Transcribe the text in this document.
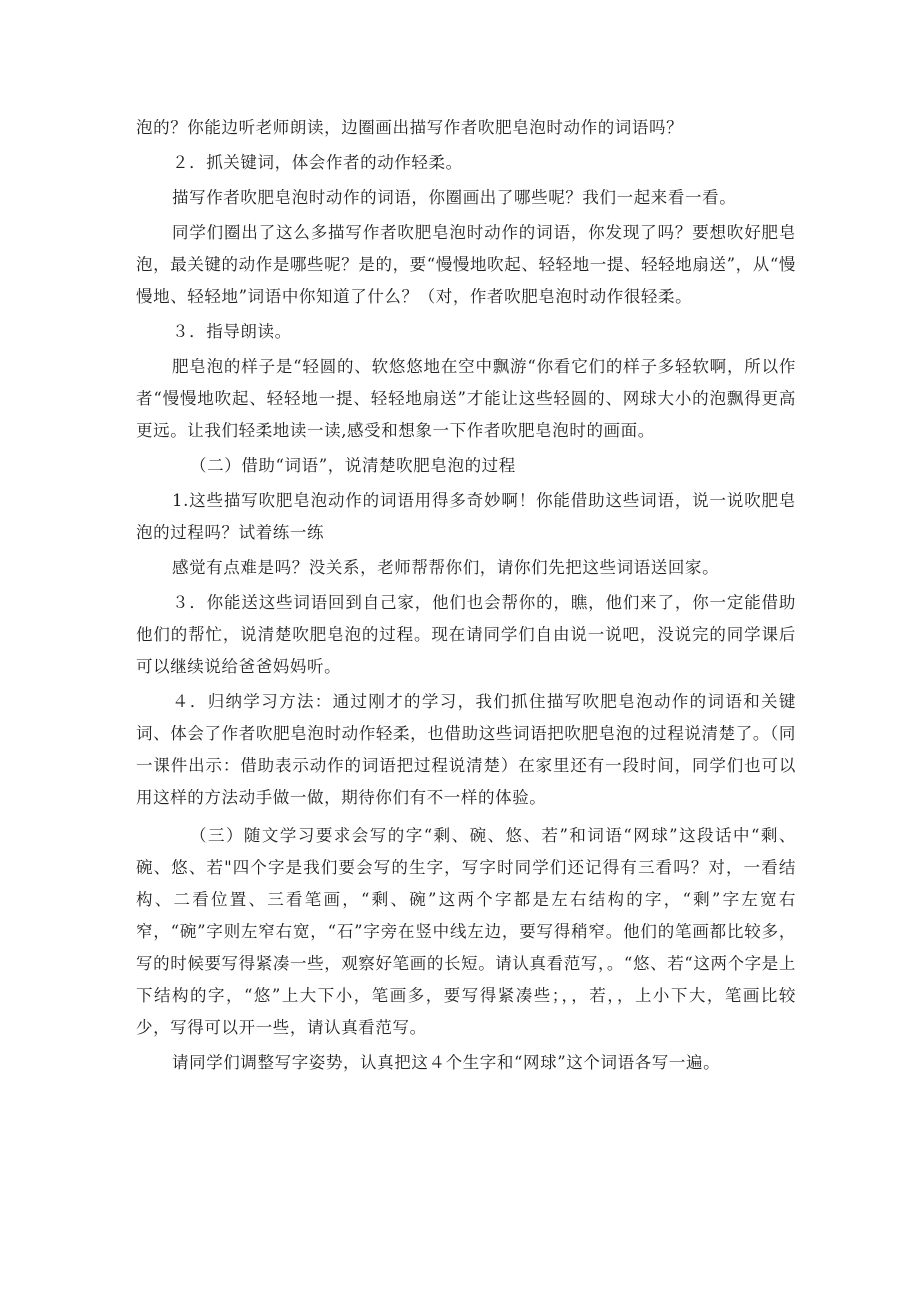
泡的？你能边听老师朗读，边圈画出描写作者吹肥皂泡时动作的词语吗？

２．抓关键词，体会作者的动作轻柔。

描写作者吹肥皂泡时动作的词语，你圈画出了哪些呢？我们一起来看一看。

同学们圈出了这么多描写作者吹肥皂泡时动作的词语，你发现了吗？要想吹好肥皂泡，最关键的动作是哪些呢？是的，要“慢慢地吹起、轻轻地一提、轻轻地扇送”，从“慢慢地、轻轻地”词语中你知道了什么？（对，作者吹肥皂泡时动作很轻柔。

３．指导朗读。

肥皂泡的样子是“轻圆的、软悠悠地在空中飘游“你看它们的样子多轻软啊，所以作者“慢慢地吹起、轻轻地一提、轻轻地扇送”才能让这些轻圆的、网球大小的泡飘得更高更远。让我们轻柔地读一读,感受和想象一下作者吹肥皂泡时的画面。

（二）借助“词语”，说清楚吹肥皂泡的过程

1.这些描写吹肥皂泡动作的词语用得多奇妙啊！你能借助这些词语，说一说吹肥皂泡的过程吗？试着练一练

感觉有点难是吗？没关系，老师帮帮你们，请你们先把这些词语送回家。

３．你能送这些词语回到自己家，他们也会帮你的，瞧，他们来了，你一定能借助他们的帮忙，说清楚吹肥皂泡的过程。现在请同学们自由说一说吧，没说完的同学课后可以继续说给爸爸妈妈听。

４．归纳学习方法：通过刚才的学习，我们抓住描写吹肥皂泡动作的词语和关键词、体会了作者吹肥皂泡时动作轻柔，也借助这些词语把吹肥皂泡的过程说清楚了。（同一课件出示：借助表示动作的词语把过程说清楚）在家里还有一段时间，同学们也可以用这样的方法动手做一做，期待你们有不一样的体验。

（三）随文学习要求会写的字“剩、碗、悠、若”和词语“网球”这段话中“剩、碗、悠、若"四个字是我们要会写的生字，写字时同学们还记得有三看吗？对，一看结构、二看位置、三看笔画，“剩、碗”这两个字都是左右结构的字，“剩”字左宽右窄，“碗”字则左窄右宽，“石”字旁在竖中线左边，要写得稍窄。他们的笔画都比较多，写的时候要写得紧凑一些，观察好笔画的长短。请认真看范写，。“悠、若“这两个字是上下结构的字，“悠”上大下小，笔画多，要写得紧凑些；，，若，，上小下大，笔画比较少，写得可以开一些，请认真看范写。

请同学们调整写字姿势，认真把这４个生字和“网球”这个词语各写一遍。
